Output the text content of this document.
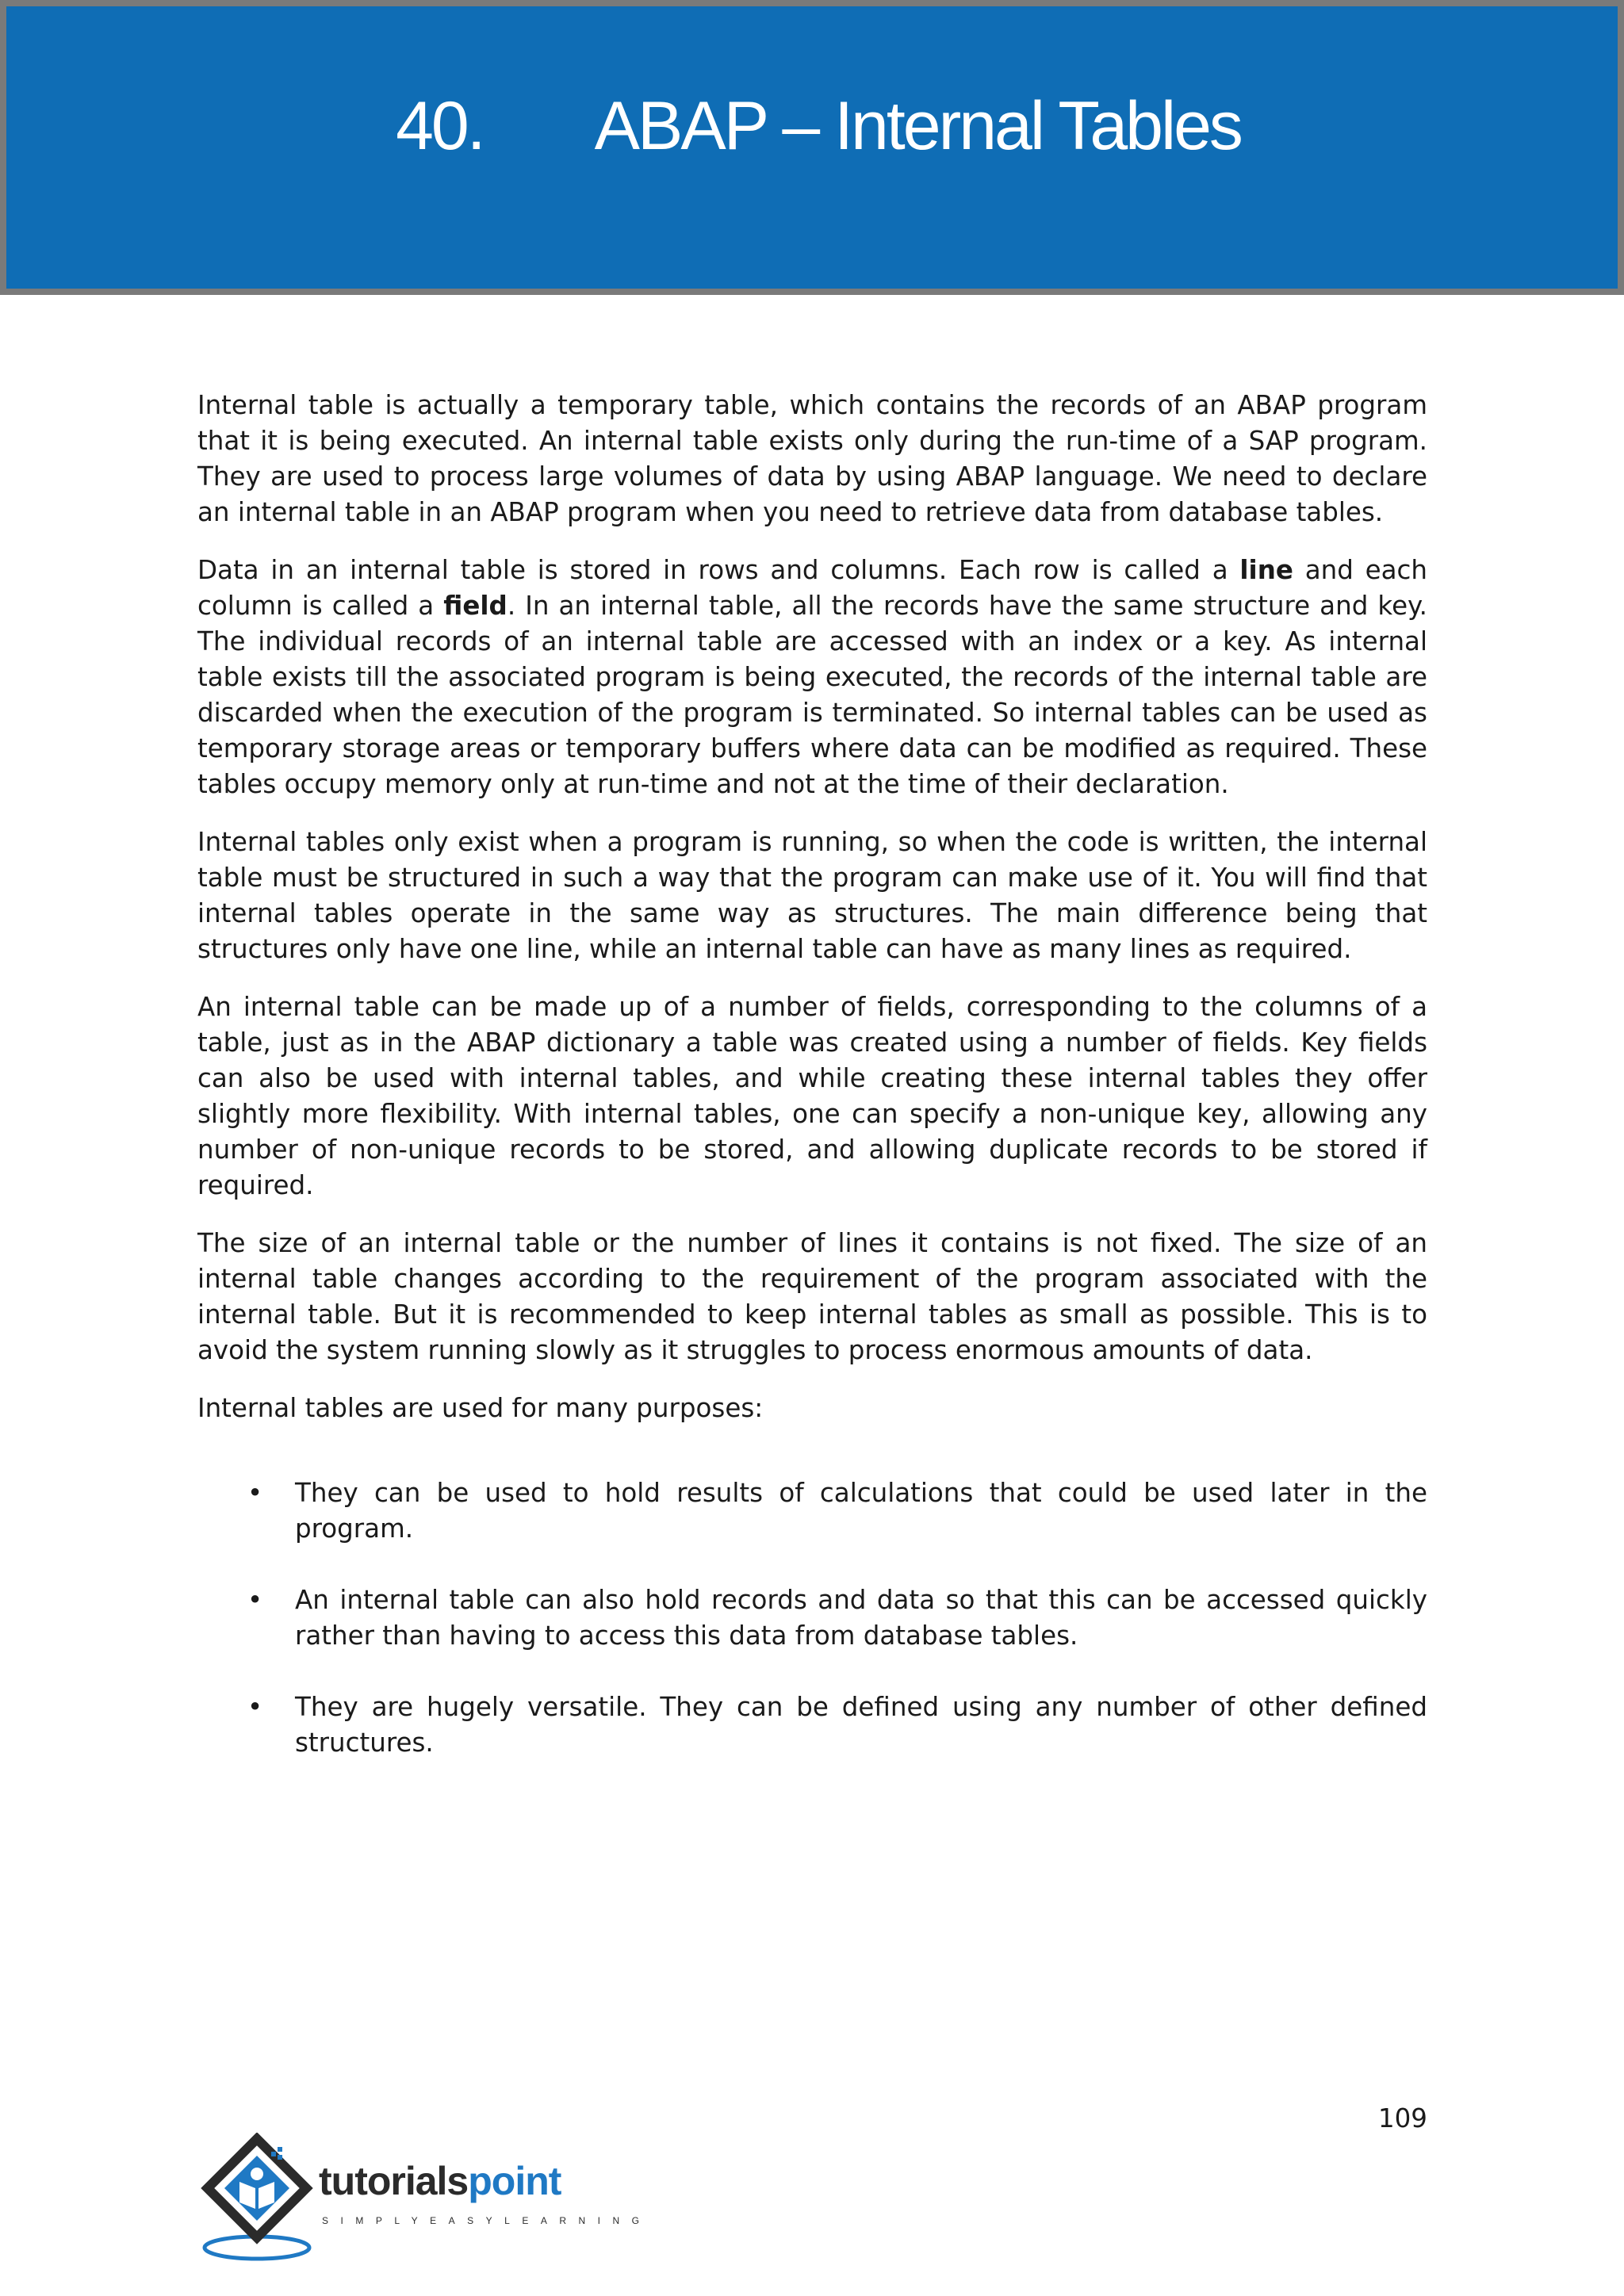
40. ABAP – Internal Tables

Internal table is actually a temporary table, which contains the records of an ABAP program that it is being executed. An internal table exists only during the run-time of a SAP program. They are used to process large volumes of data by using ABAP language. We need to declare an internal table in an ABAP program when you need to retrieve data from database tables.

Data in an internal table is stored in rows and columns. Each row is called a line and each column is called a field. In an internal table, all the records have the same structure and key. The individual records of an internal table are accessed with an index or a key. As internal table exists till the associated program is being executed, the records of the internal table are discarded when the execution of the program is terminated. So internal tables can be used as temporary storage areas or temporary buffers where data can be modified as required. These tables occupy memory only at run-time and not at the time of their declaration.

Internal tables only exist when a program is running, so when the code is written, the internal table must be structured in such a way that the program can make use of it. You will find that internal tables operate in the same way as structures. The main difference being that structures only have one line, while an internal table can have as many lines as required.

An internal table can be made up of a number of fields, corresponding to the columns of a table, just as in the ABAP dictionary a table was created using a number of fields. Key fields can also be used with internal tables, and while creating these internal tables they offer slightly more flexibility. With internal tables, one can specify a non-unique key, allowing any number of non-unique records to be stored, and allowing duplicate records to be stored if required.

The size of an internal table or the number of lines it contains is not fixed. The size of an internal table changes according to the requirement of the program associated with the internal table. But it is recommended to keep internal tables as small as possible. This is to avoid the system running slowly as it struggles to process enormous amounts of data.

Internal tables are used for many purposes:

• They can be used to hold results of calculations that could be used later in the program.
• An internal table can also hold records and data so that this can be accessed quickly rather than having to access this data from database tables.
• They are hugely versatile. They can be defined using any number of other defined structures.
109
tutorialspoint
SIMPLYEASYLEARNING
